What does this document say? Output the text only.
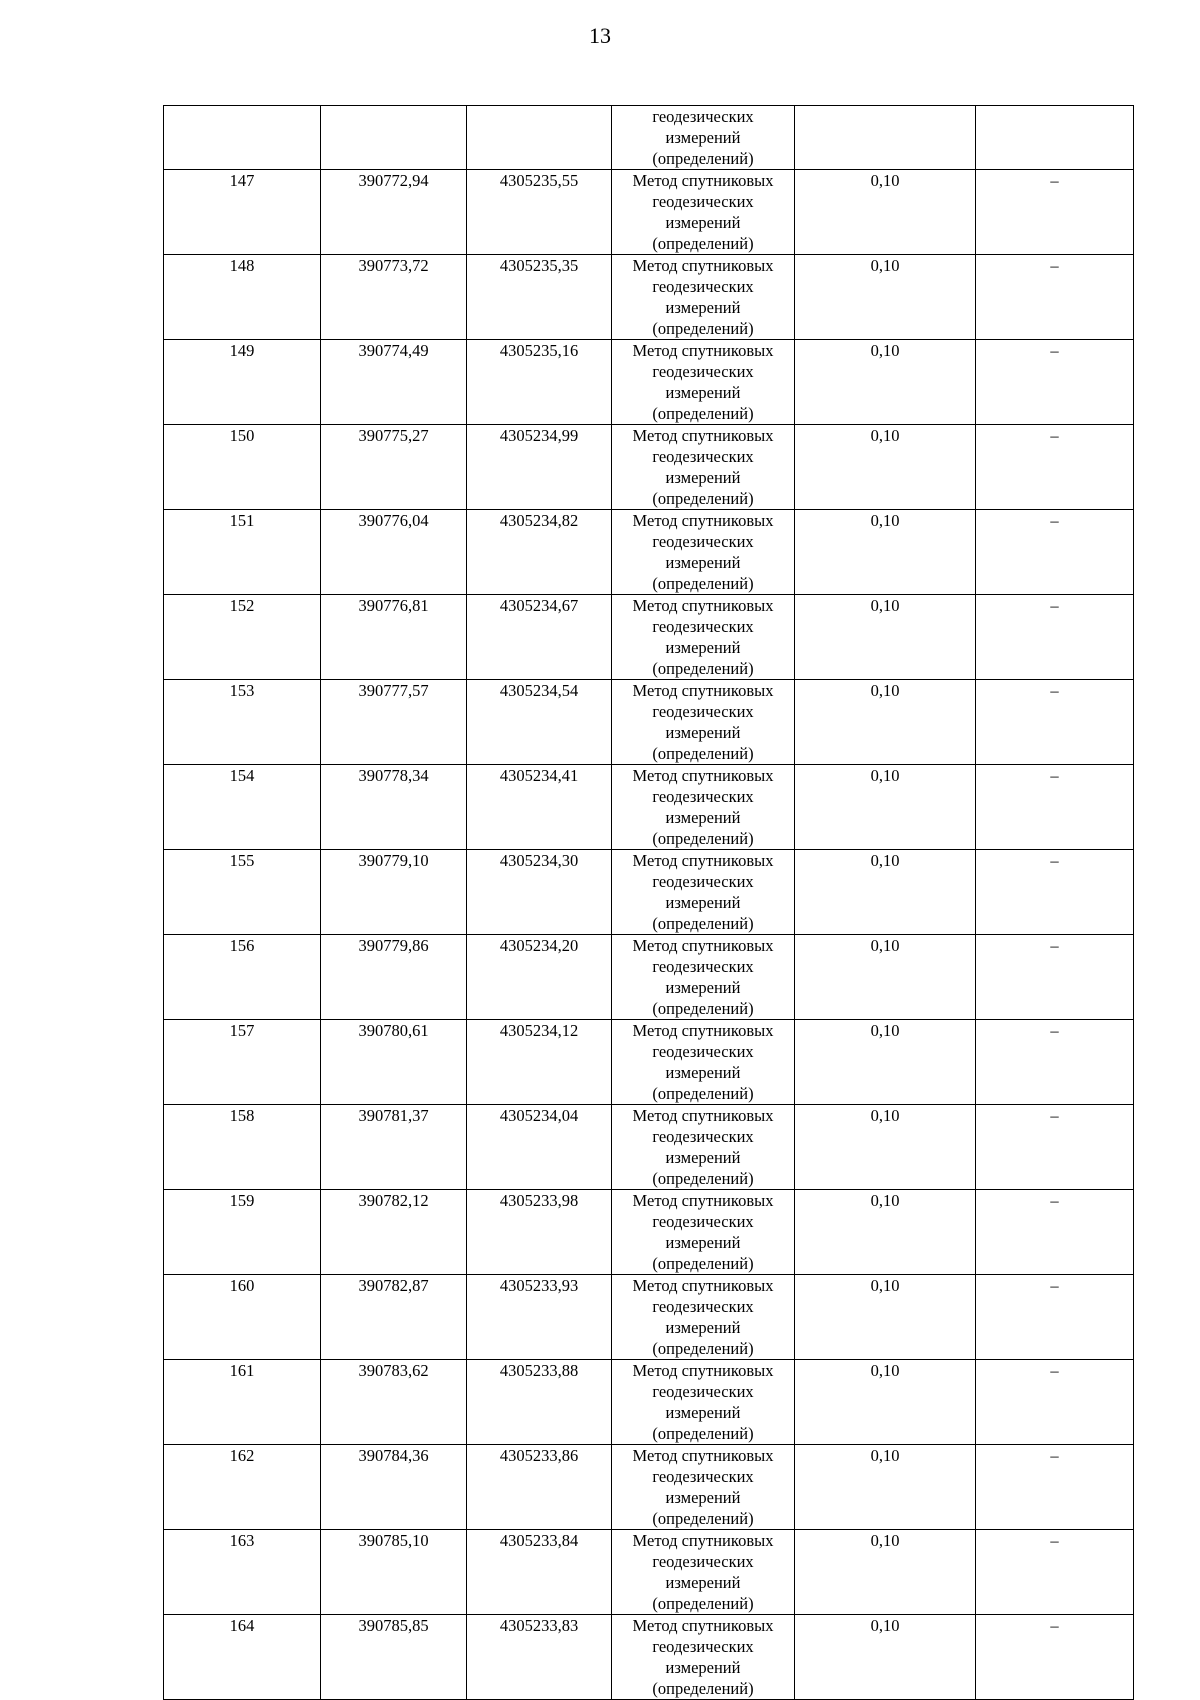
13

			геодезических
измерений
(определений)		

147	390772,94	4305235,55	Метод спутниковых
геодезических
измерений
(определений)	0,10	–
148	390773,72	4305235,35	Метод спутниковых
геодезических
измерений
(определений)	0,10	–
149	390774,49	4305235,16	Метод спутниковых
геодезических
измерений
(определений)	0,10	–
150	390775,27	4305234,99	Метод спутниковых
геодезических
измерений
(определений)	0,10	–
151	390776,04	4305234,82	Метод спутниковых
геодезических
измерений
(определений)	0,10	–
152	390776,81	4305234,67	Метод спутниковых
геодезических
измерений
(определений)	0,10	–
153	390777,57	4305234,54	Метод спутниковых
геодезических
измерений
(определений)	0,10	–
154	390778,34	4305234,41	Метод спутниковых
геодезических
измерений
(определений)	0,10	–
155	390779,10	4305234,30	Метод спутниковых
геодезических
измерений
(определений)	0,10	–
156	390779,86	4305234,20	Метод спутниковых
геодезических
измерений
(определений)	0,10	–
157	390780,61	4305234,12	Метод спутниковых
геодезических
измерений
(определений)	0,10	–
158	390781,37	4305234,04	Метод спутниковых
геодезических
измерений
(определений)	0,10	–
159	390782,12	4305233,98	Метод спутниковых
геодезических
измерений
(определений)	0,10	–
160	390782,87	4305233,93	Метод спутниковых
геодезических
измерений
(определений)	0,10	–
161	390783,62	4305233,88	Метод спутниковых
геодезических
измерений
(определений)	0,10	–
162	390784,36	4305233,86	Метод спутниковых
геодезических
измерений
(определений)	0,10	–
163	390785,10	4305233,84	Метод спутниковых
геодезических
измерений
(определений)	0,10	–
164	390785,85	4305233,83	Метод спутниковых
геодезических
измерений
(определений)	0,10	–
